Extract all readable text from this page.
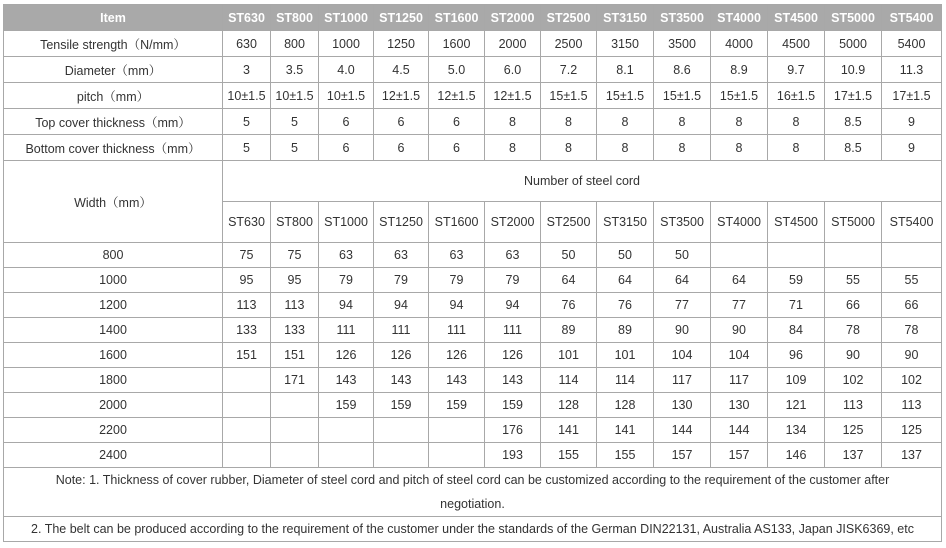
Item	ST630	ST800	ST1000	ST1250	ST1600	ST2000	ST2500	ST3150	ST3500	ST4000	ST4500	ST5000	ST5400
Tensile strength（N/mm）	630	800	1000	1250	1600	2000	2500	3150	3500	4000	4500	5000	5400
Diameter（mm）	3	3.5	4.0	4.5	5.0	6.0	7.2	8.1	8.6	8.9	9.7	10.9	11.3
pitch（mm）	10±1.5	10±1.5	10±1.5	12±1.5	12±1.5	12±1.5	15±1.5	15±1.5	15±1.5	15±1.5	16±1.5	17±1.5	17±1.5
Top cover thickness（mm）	5	5	6	6	6	8	8	8	8	8	8	8.5	9
Bottom cover thickness（mm）	5	5	6	6	6	8	8	8	8	8	8	8.5	9
Width（mm）	Number of steel cord												
	ST630	ST800	ST1000	ST1250	ST1600	ST2000	ST2500	ST3150	ST3500	ST4000	ST4500	ST5000	ST5400
800	75	75	63	63	63	63	50	50	50				
1000	95	95	79	79	79	79	64	64	64	64	59	55	55
1200	113	113	94	94	94	94	76	76	77	77	71	66	66
1400	133	133	111	111	111	111	89	89	90	90	84	78	78
1600	151	151	126	126	126	126	101	101	104	104	96	90	90
1800		171	143	143	143	143	114	114	117	117	109	102	102
2000			159	159	159	159	128	128	130	130	121	113	113
2200						176	141	141	144	144	134	125	125
2400						193	155	155	157	157	146	137	137

Note: 1. Thickness of cover rubber, Diameter of steel cord and pitch of steel cord can be customized according to the requirement of the customer after
negotiation.													

2. The belt can be produced according to the requirement of the customer under the standards of the German DIN22131, Australia AS133, Japan JISK6369, etc													
